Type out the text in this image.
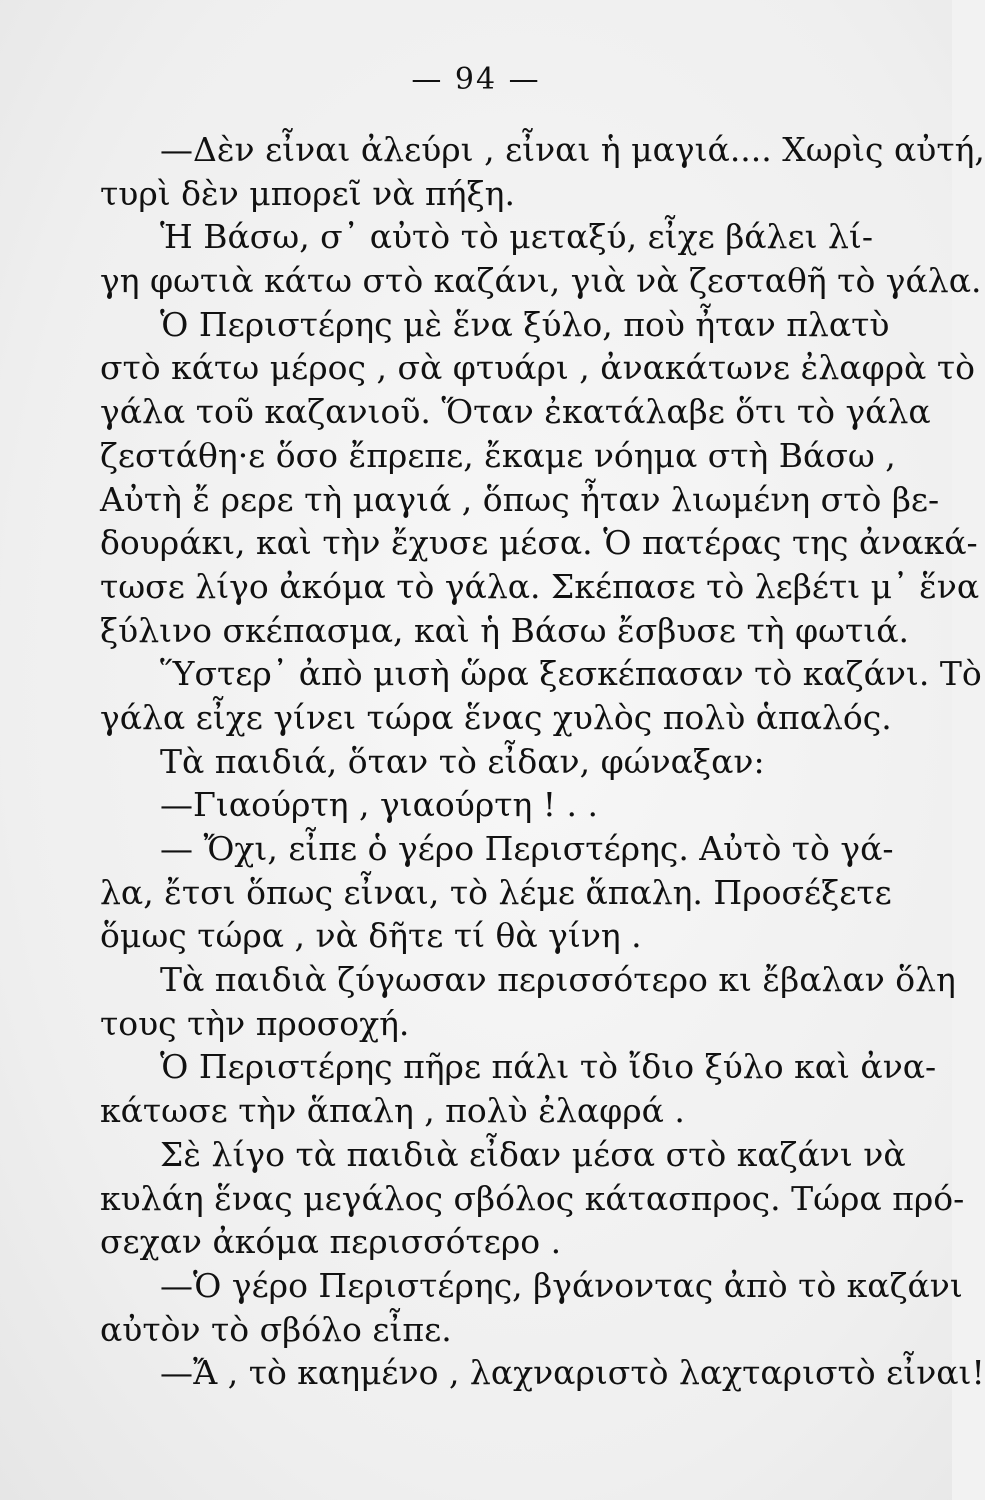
— 94 —
—Δὲν εἶναι ἀλεύρι , εἶναι ἡ μαγιά.... Χωρὶς αὐτή,
τυρὶ δὲν μπορεῖ νὰ πήξη.
Ἡ Βάσω, σ᾿ αὐτὸ τὸ μεταξύ, εἶχε βάλει λί-
γη φωτιὰ κάτω στὸ καζάνι, γιὰ νὰ ζεσταθῆ τὸ γάλα.
Ὁ Περιστέρης μὲ ἕνα ξύλο, ποὺ ἦταν πλατὺ
στὸ κάτω μέρος , σὰ φτυάρι , ἀνακάτωνε ἐλαφρὰ τὸ
γάλα τοῦ καζανιοῦ. Ὅταν ἐκατάλαβε ὅτι τὸ γάλα
ζεστάθη·ε ὅσο ἔπρεπε, ἔκαμε νόημα στὴ Βάσω ,
Αὐτὴ ἔ ρερε τὴ μαγιά , ὅπως ἦταν λιωμένη στὸ βε-
δουράκι, καὶ τὴν ἔχυσε μέσα. Ὁ πατέρας της ἀνακά-
τωσε λίγο ἀκόμα τὸ γάλα. Σκέπασε τὸ λεβέτι μ᾿ ἕνα
ξύλινο σκέπασμα, καὶ ἡ Βάσω ἔσβυσε τὴ φωτιά.
Ὕστερ᾿ ἀπὸ μισὴ ὥρα ξεσκέπασαν τὸ καζάνι. Τὸ
γάλα εἶχε γίνει τώρα ἕνας χυλὸς πολὺ ἁπαλός.
Τὰ παιδιά, ὅταν τὸ εἶδαν, φώναξαν:
—Γιαούρτη , γιαούρτη ! . .
— Ὄχι, εἶπε ὁ γέρο Περιστέρης. Αὐτὸ τὸ γά-
λα, ἔτσι ὅπως εἶναι, τὸ λέμε ἅπαλη. Προσέξετε
ὅμως τώρα , νὰ δῆτε τί θὰ γίνη .
Τὰ παιδιὰ ζύγωσαν περισσότερο κι ἔβαλαν ὅλη
τους τὴν προσοχή.
Ὁ Περιστέρης πῆρε πάλι τὸ ἴδιο ξύλο καὶ ἀνα-
κάτωσε τὴν ἅπαλη , πολὺ ἐλαφρά .
Σὲ λίγο τὰ παιδιὰ εἶδαν μέσα στὸ καζάνι νὰ
κυλάη ἕνας μεγάλος σβόλος κάτασπρος. Τώρα πρό-
σεχαν ἀκόμα περισσότερο .
—Ὁ γέρο Περιστέρης, βγάνοντας ἀπὸ τὸ καζάνι
αὐτὸν τὸ σβόλο εἶπε.
—Ἄ , τὸ καημένο , λαχναριστὸ λαχταριστὸ εἶναι!
